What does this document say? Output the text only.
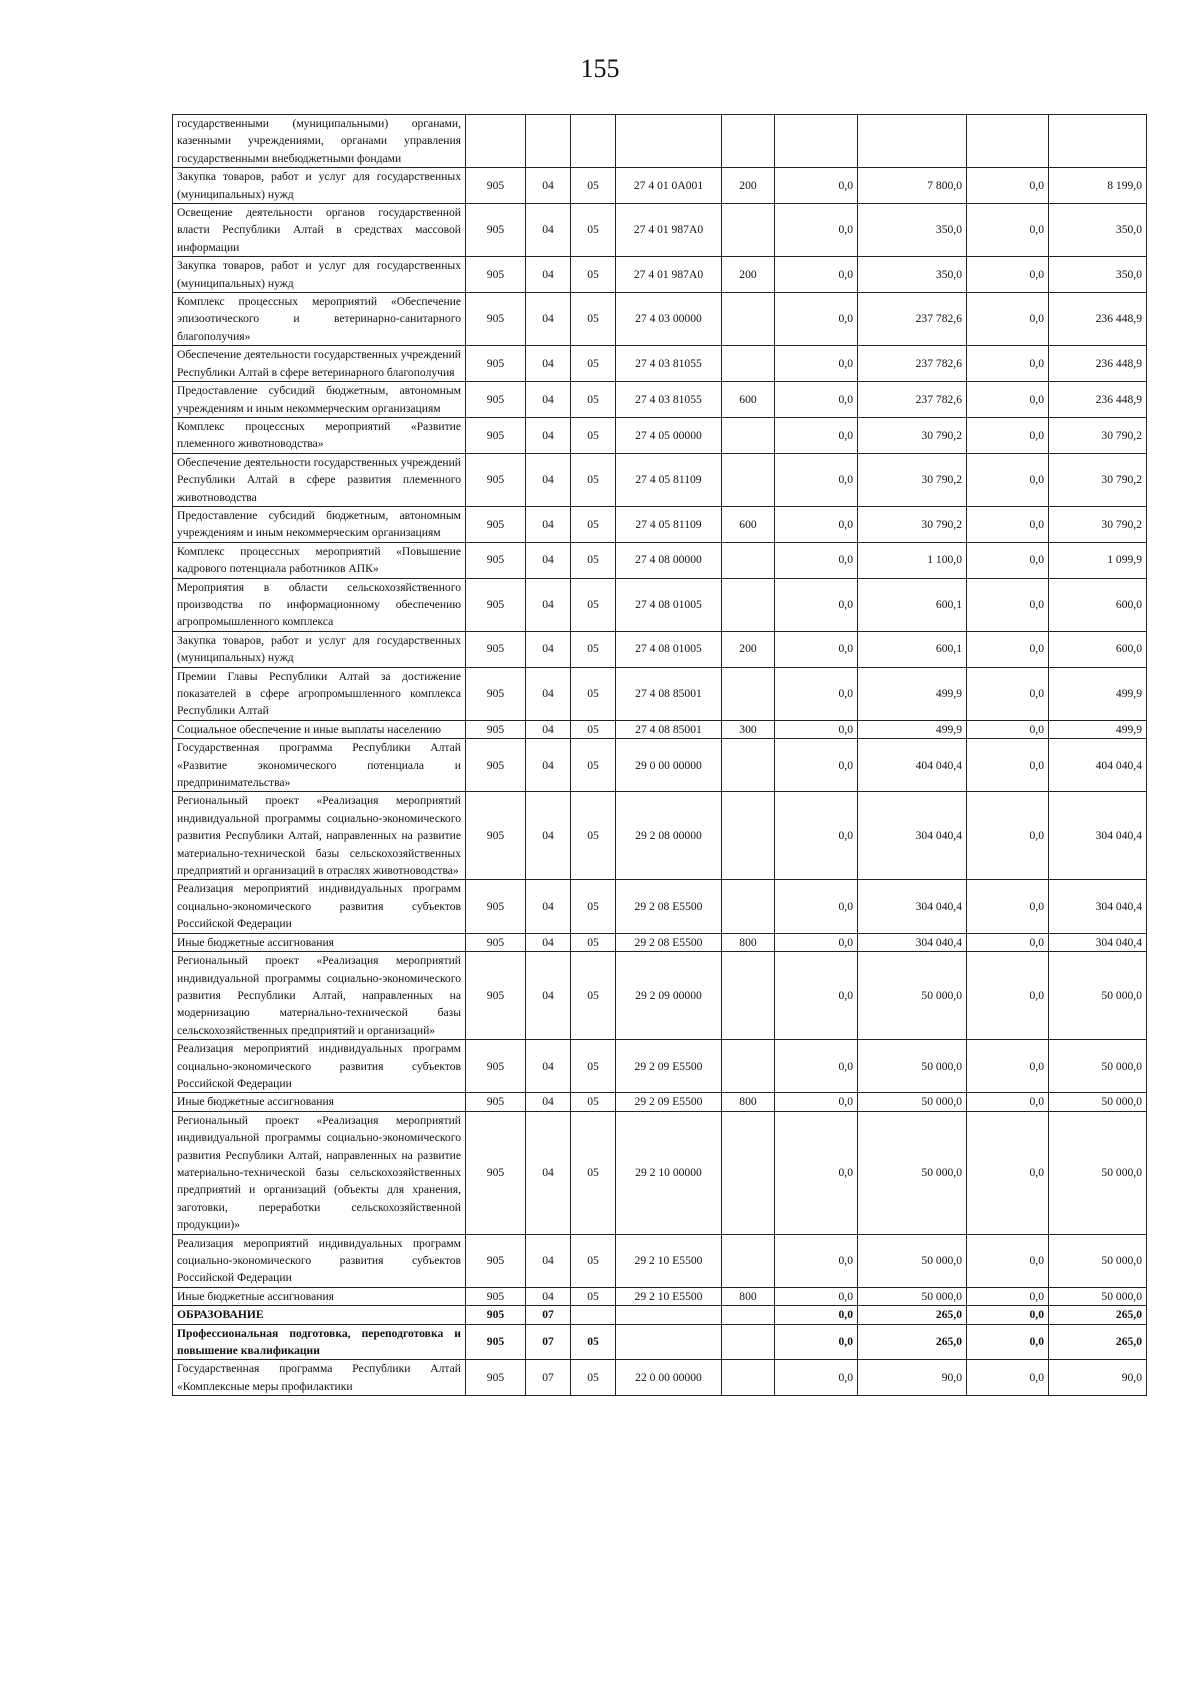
155
государственными (муниципальными) органами, казенными учреждениями, органами управления государственными внебюджетными фондами									
Закупка товаров, работ и услуг для государственных (муниципальных) нужд	905	04	05	27 4 01 0A001	200	0,0	7 800,0	0,0	8 199,0
Освещение деятельности органов государственной власти Республики Алтай в средствах массовой информации	905	04	05	27 4 01 987A0		0,0	350,0	0,0	350,0
Закупка товаров, работ и услуг для государственных (муниципальных) нужд	905	04	05	27 4 01 987A0	200	0,0	350,0	0,0	350,0
Комплекс процессных мероприятий «Обеспечение эпизоотического и ветеринарно-санитарного благополучия»	905	04	05	27 4 03 00000		0,0	237 782,6	0,0	236 448,9
Обеспечение деятельности государственных учреждений Республики Алтай в сфере ветеринарного благополучия	905	04	05	27 4 03 81055		0,0	237 782,6	0,0	236 448,9
Предоставление субсидий бюджетным, автономным учреждениям и иным некоммерческим организациям	905	04	05	27 4 03 81055	600	0,0	237 782,6	0,0	236 448,9
Комплекс процессных мероприятий «Развитие племенного животноводства»	905	04	05	27 4 05 00000		0,0	30 790,2	0,0	30 790,2
Обеспечение деятельности государственных учреждений Республики Алтай в сфере развития племенного животноводства	905	04	05	27 4 05 81109		0,0	30 790,2	0,0	30 790,2
Предоставление субсидий бюджетным, автономным учреждениям и иным некоммерческим организациям	905	04	05	27 4 05 81109	600	0,0	30 790,2	0,0	30 790,2
Комплекс процессных мероприятий «Повышение кадрового потенциала работников АПК»	905	04	05	27 4 08 00000		0,0	1 100,0	0,0	1 099,9
Мероприятия в области сельскохозяйственного производства по информационному обеспечению агропромышленного комплекса	905	04	05	27 4 08 01005		0,0	600,1	0,0	600,0
Закупка товаров, работ и услуг для государственных (муниципальных) нужд	905	04	05	27 4 08 01005	200	0,0	600,1	0,0	600,0
Премии Главы Республики Алтай за достижение показателей в сфере агропромышленного комплекса Республики Алтай	905	04	05	27 4 08 85001		0,0	499,9	0,0	499,9
Социальное обеспечение и иные выплаты населению	905	04	05	27 4 08 85001	300	0,0	499,9	0,0	499,9
Государственная программа Республики Алтай «Развитие экономического потенциала и предпринимательства»	905	04	05	29 0 00 00000		0,0	404 040,4	0,0	404 040,4
Региональный проект «Реализация мероприятий индивидуальной программы социально-экономического развития Республики Алтай, направленных на развитие материально-технической базы сельскохозяйственных предприятий и организаций в отраслях животноводства»	905	04	05	29 2 08 00000		0,0	304 040,4	0,0	304 040,4
Реализация мероприятий индивидуальных программ социально-экономического развития субъектов Российской Федерации	905	04	05	29 2 08 E5500		0,0	304 040,4	0,0	304 040,4
Иные бюджетные ассигнования	905	04	05	29 2 08 E5500	800	0,0	304 040,4	0,0	304 040,4
Региональный проект «Реализация мероприятий индивидуальной программы социально-экономического развития Республики Алтай, направленных на модернизацию материально-технической базы сельскохозяйственных предприятий и организаций»	905	04	05	29 2 09 00000		0,0	50 000,0	0,0	50 000,0
Реализация мероприятий индивидуальных программ социально-экономического развития субъектов Российской Федерации	905	04	05	29 2 09 E5500		0,0	50 000,0	0,0	50 000,0
Иные бюджетные ассигнования	905	04	05	29 2 09 E5500	800	0,0	50 000,0	0,0	50 000,0
Региональный проект «Реализация мероприятий индивидуальной программы социально-экономического развития Республики Алтай, направленных на развитие материально-технической базы сельскохозяйственных предприятий и организаций (объекты для хранения, заготовки, переработки сельскохозяйственной продукции)»	905	04	05	29 2 10 00000		0,0	50 000,0	0,0	50 000,0
Реализация мероприятий индивидуальных программ социально-экономического развития субъектов Российской Федерации	905	04	05	29 2 10 E5500		0,0	50 000,0	0,0	50 000,0
Иные бюджетные ассигнования	905	04	05	29 2 10 E5500	800	0,0	50 000,0	0,0	50 000,0
ОБРАЗОВАНИЕ	905	07				0,0	265,0	0,0	265,0
Профессиональная подготовка, переподготовка и повышение квалификации	905	07	05			0,0	265,0	0,0	265,0
Государственная программа Республики Алтай «Комплексные меры профилактики	905	07	05	22 0 00 00000		0,0	90,0	0,0	90,0
